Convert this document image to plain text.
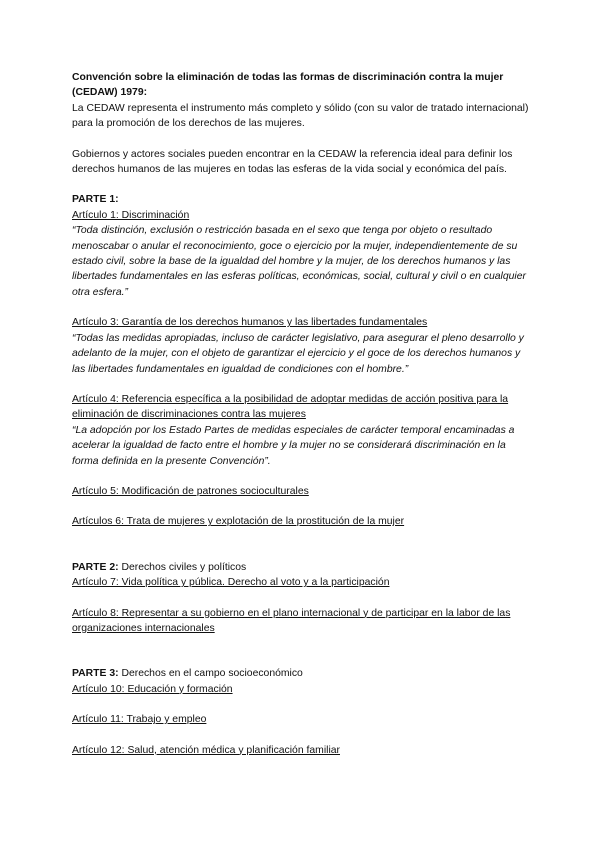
Convención sobre la eliminación de todas las formas de discriminación contra la mujer (CEDAW) 1979:

La CEDAW representa el instrumento más completo y sólido (con su valor de tratado internacional) para la promoción de los derechos de las mujeres.

Gobiernos y actores sociales pueden encontrar en la CEDAW la referencia ideal para definir los derechos humanos de las mujeres en todas las esferas de la vida social y económica del país.

PARTE 1:

Artículo 1: Discriminación

“Toda distinción, exclusión o restricción basada en el sexo que tenga por objeto o resultado menoscabar o anular el reconocimiento, goce o ejercicio por la mujer, independientemente de su estado civil, sobre la base de la igualdad del hombre y la mujer, de los derechos humanos y las libertades fundamentales en las esferas políticas, económicas, social, cultural y civil o en cualquier otra esfera.”

Artículo 3: Garantía de los derechos humanos y las libertades fundamentales

“Todas las medidas apropiadas, incluso de carácter legislativo, para asegurar el pleno desarrollo y adelanto de la mujer, con el objeto de garantizar el ejercicio y el goce de los derechos humanos y las libertades fundamentales en igualdad de condiciones con el hombre.”

Artículo 4: Referencia específica a la posibilidad de adoptar medidas de acción positiva para la eliminación de discriminaciones contra las mujeres

“La adopción por los Estado Partes de medidas especiales de carácter temporal encaminadas a acelerar la igualdad de facto entre el hombre y la mujer no se considerará discriminación en la forma definida en la presente Convención”.

Artículo 5: Modificación de patrones socioculturales

Artículos 6: Trata de mujeres y explotación de la prostitución de la mujer

PARTE 2: Derechos civiles y políticos

Artículo 7: Vida política y pública. Derecho al voto y a la participación

Artículo 8: Representar a su gobierno en el plano internacional y de participar en la labor de las organizaciones internacionales

PARTE 3: Derechos en el campo socioeconómico

Artículo 10: Educación y formación

Artículo 11: Trabajo y empleo

Artículo 12: Salud, atención médica y planificación familiar
